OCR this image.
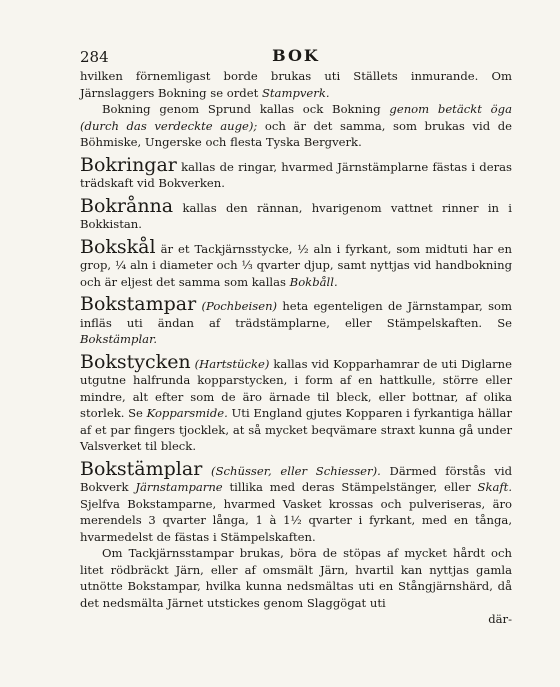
284	BOK

hvilken förnemligast borde brukas uti Ställets inmurande. Om Järnslaggers Bokning se ordet Stampverk.

Bokning genom Sprund kallas ock Bokning genom betäckt öga (durch das verdeckte auge); och är det samma, som brukas vid de Böhmiske, Ungerske och flesta Tyska Bergverk.

Bokringar kallas de ringar, hvarmed Järnstämplarne fästas i deras trädskaft vid Bokverken.

Bokrånna kallas den rännan, hvarigenom vattnet rinner in i Bokkistan.

Bokskål är et Tackjärnsstycke, ½ aln i fyrkant, som midtuti har en grop, ¼ aln i diameter och ⅓ qvarter djup, samt nyttjas vid handbokning och är eljest det samma som kallas Bokbåll.

Bokstampar (Pochbeisen) heta egenteligen de Järnstampar, som infläs uti ändan af trädstämplarne, eller Stämpelskaften. Se Bokstämplar.

Bokstycken (Hartstücke) kallas vid Kopparhamrar de uti Diglarne utgutne halfrunda kopparstycken, i form af en hattkulle, större eller mindre, alt efter som de äro ärnade til bleck, eller bottnar, af olika storlek. Se Kopparsmide. Uti England gjutes Kopparen i fyrkantiga hällar af et par fingers tjocklek, at så mycket beqvämare straxt kunna gå under Valsverket til bleck.

Bokstämplar (Schüsser, eller Schiesser). Därmed förstås vid Bokverk Järnstamparne tillika med deras Stämpelstänger, eller Skaft. Sjelfva Bokstamparne, hvarmed Vasket krossas och pulveriseras, äro merendels 3 qvarter långa, 1 à 1½ qvarter i fyrkant, med en tånga, hvarmedelst de fästas i Stämpelskaften.

Om Tackjärnsstampar brukas, böra de stöpas af mycket hårdt och litet rödbräckt Järn, eller af omsmält Järn, hvartil kan nyttjas gamla utnötte Bokstampar, hvilka kunna nedsmältas uti en Stångjärnshärd, då det nedsmälta Järnet utstickes genom Slaggögat uti

där-
